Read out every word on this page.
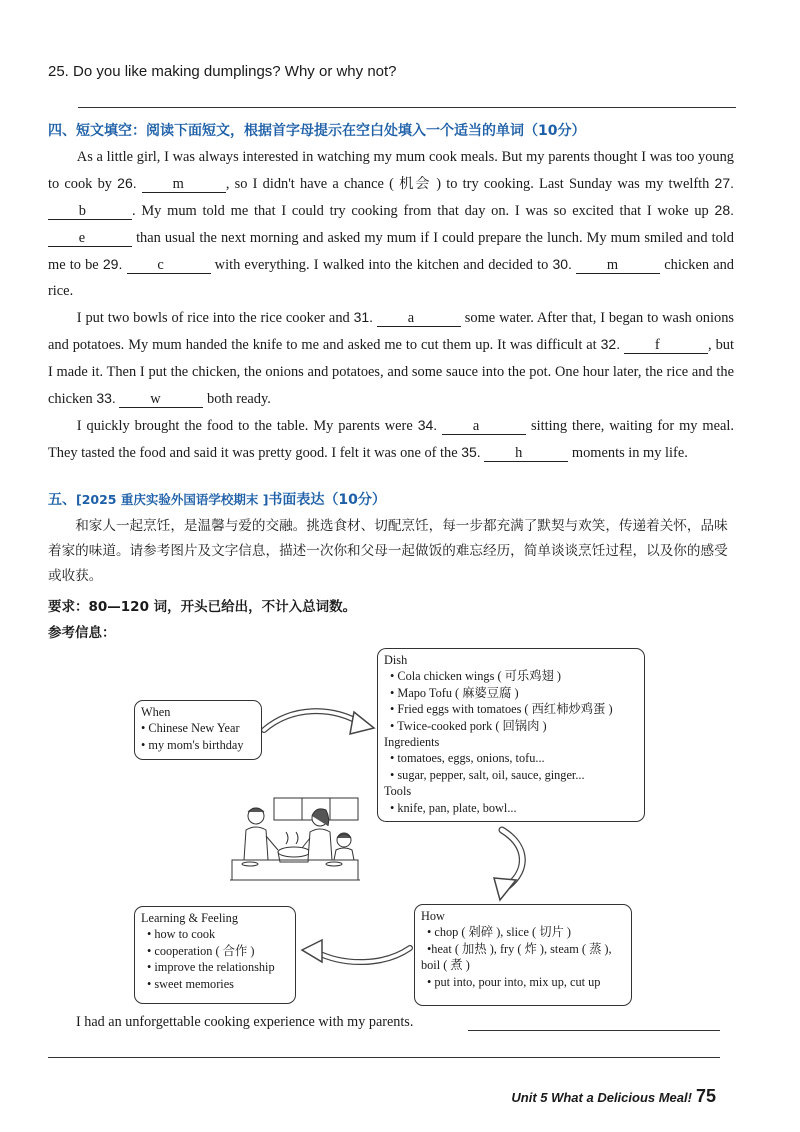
25. Do you like making dumplings? Why or why not?
四、短文填空：阅读下面短文，根据首字母提示在空白处填入一个适当的单词（10分）

As a little girl, I was always interested in watching my mum cook meals. But my parents thought I was too young to cook by 26.	m	, so I didn't have a chance ( 机会 ) to try cooking. Last Sunday was my twelfth 27. b	. My mum told me that I could try cooking from that day on. I was so excited that I woke up 28. e	than usual the next morning and asked my mum if I could prepare the lunch. My mum smiled and told me to be 29. c	with everything. I walked into the kitchen and decided to 30. m	chicken and rice.

I put two bowls of rice into the rice cooker and 31. a	some water. After that, I began to wash onions and potatoes. My mum handed the knife to me and asked me to cut them up. It was difficult at 32. f	, but I made it. Then I put the chicken, the onions and potatoes, and some sauce into the pot. One hour later, the rice and the chicken 33. w	both ready.

I quickly brought the food to the table. My parents were 34. a	sitting there, waiting for my meal. They tasted the food and said it was pretty good. I felt it was one of the 35. h	moments in my life.

五、[2025 重庆实验外国语学校期末 ]书面表达（10分）

和家人一起烹饪，是温馨与爱的交融。挑选食材、切配烹饪，每一步都充满了默契与欢笑，传递着关怀，品味着家的味道。请参考图片及文字信息，描述一次你和父母一起做饭的难忘经历，简单谈谈烹饪过程，以及你的感受或收获。

要求：80—120 词，开头已给出，不计入总词数。
参考信息：
When
• Chinese New Year
• my mom's birthday
Dish
• Cola chicken wings ( 可乐鸡翅 )
• Mapo Tofu ( 麻婆豆腐 )
• Fried eggs with tomatoes ( 西红柿炒鸡蛋 )
• Twice-cooked pork ( 回锅肉 )
Ingredients
• tomatoes, eggs, onions, tofu...
• sugar, pepper, salt, oil, sauce, ginger...
Tools
• knife, pan, plate, bowl...
How
• chop ( 剁碎 ), slice ( 切片 )
•heat ( 加热 ), fry ( 炸 ), steam ( 蒸 ),
boil ( 煮 )
• put into, pour into, mix up, cut up
Learning & Feeling
• how to cook
• cooperation ( 合作 )
• improve the relationship
• sweet memories
I had an unforgettable cooking experience with my parents.
Unit 5 What a Delicious Meal! 75
